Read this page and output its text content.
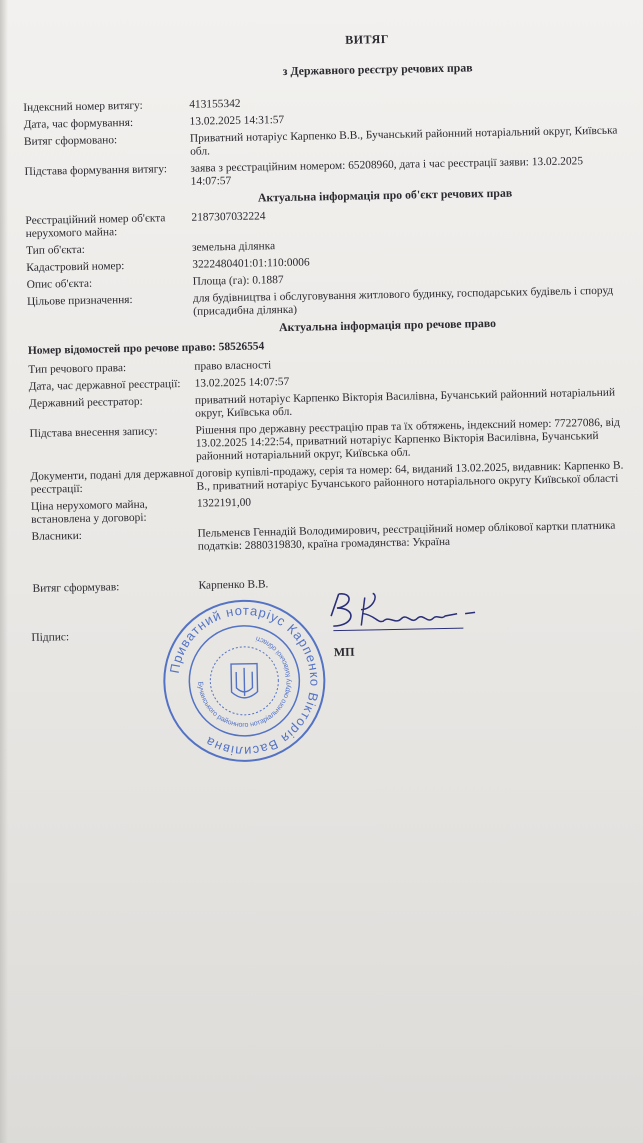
ВИТЯГ
з Державного реєстру речових прав
Індексний номер витягу:	413155342
Дата, час формування:	13.02.2025 14:31:57
Витяг сформовано:	Приватний нотаріус Карпенко В.В., Бучанський районний нотаріальний округ, Київська обл.
Підстава формування витягу:	заява з реєстраційним номером: 65208960, дата і час реєстрації заяви: 13.02.2025 14:07:57
Актуальна інформація про об'єкт речових прав
Реєстраційний номер об'єкта нерухомого майна:
2187307032224
Тип об'єкта:	земельна ділянка
Кадастровий номер:	3222480401:01:110:0006
Опис об'єкта:	Площа (га): 0.1887
Цільове призначення:	для будівництва і обслуговування житлового будинку, господарських будівель і споруд (присадибна ділянка)
Актуальна інформація про речове право
Номер відомостей про речове право: 58526554
Тип речового права:	право власності
Дата, час державної реєстрації:	13.02.2025 14:07:57
Державний реєстратор:	приватний нотаріус Карпенко Вікторія Василівна, Бучанський районний нотаріальний округ, Київська обл.
Підстава внесення запису:	Рішення про державну реєстрацію прав та їх обтяжень, індексний номер: 77227086, від 13.02.2025 14:22:54, приватний нотаріус Карпенко Вікторія Василівна, Бучанський районний нотаріальний округ, Київська обл.
Документи, подані для державної реєстрації:
договір купівлі-продажу, серія та номер: 64, виданий 13.02.2025, видавник: Карпенко В. В., приватний нотаріус Бучанського районного нотаріального округу Київської області
Ціна нерухомого майна, встановлена у договорі:
1322191,00
Власники:	Пельменєв Геннадій Володимирович, реєстраційний номер облікової картки платника податків: 2880319830, країна громадянства: Україна
Витяг сформував:	Карпенко В.В.
Підпис:
МП
Приватний нотаріус Карпенко Вікторія Василівна
Бучанського районного нотаріального округу Київської області
